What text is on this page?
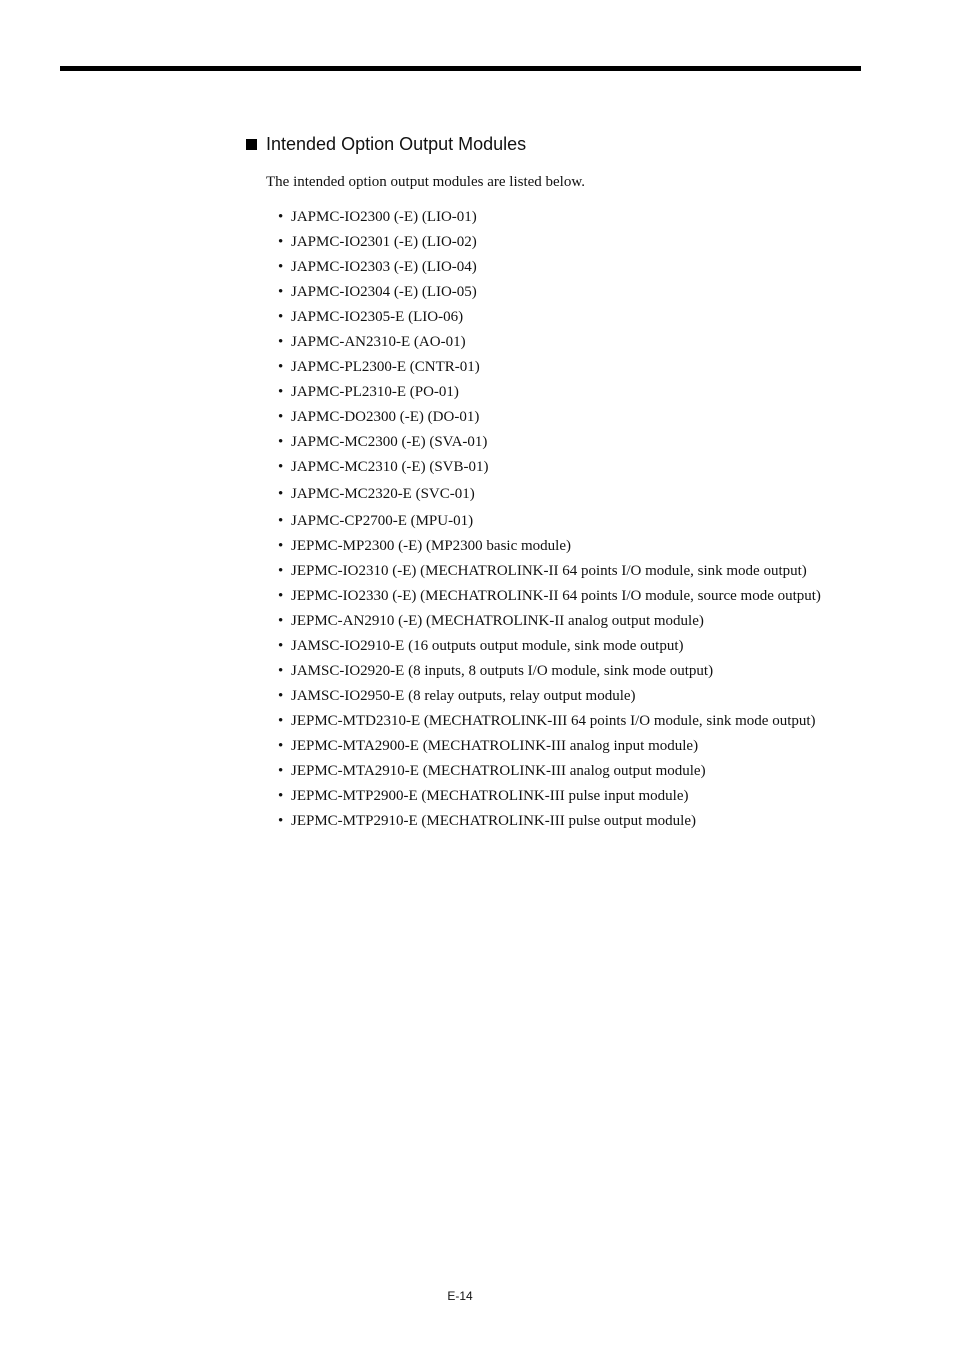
Intended Option Output Modules
The intended option output modules are listed below.
• JAPMC-IO2300 (-E) (LIO-01)
• JAPMC-IO2301 (-E) (LIO-02)
• JAPMC-IO2303 (-E) (LIO-04)
• JAPMC-IO2304 (-E) (LIO-05)
• JAPMC-IO2305-E (LIO-06)
• JAPMC-AN2310-E (AO-01)
• JAPMC-PL2300-E (CNTR-01)
• JAPMC-PL2310-E (PO-01)
• JAPMC-DO2300 (-E) (DO-01)
• JAPMC-MC2300 (-E) (SVA-01)
• JAPMC-MC2310 (-E) (SVB-01)
• JAPMC-MC2320-E (SVC-01)
• JAPMC-CP2700-E (MPU-01)
• JEPMC-MP2300 (-E) (MP2300 basic module)
• JEPMC-IO2310 (-E) (MECHATROLINK-II 64 points I/O module, sink mode output)
• JEPMC-IO2330 (-E) (MECHATROLINK-II 64 points I/O module, source mode output)
• JEPMC-AN2910 (-E) (MECHATROLINK-II analog output module)
• JAMSC-IO2910-E (16 outputs output module, sink mode output)
• JAMSC-IO2920-E (8 inputs, 8 outputs I/O module, sink mode output)
• JAMSC-IO2950-E (8 relay outputs, relay output module)
• JEPMC-MTD2310-E (MECHATROLINK-III 64 points I/O module, sink mode output)
• JEPMC-MTA2900-E (MECHATROLINK-III analog input module)
• JEPMC-MTA2910-E (MECHATROLINK-III analog output module)
• JEPMC-MTP2900-E (MECHATROLINK-III pulse input module)
• JEPMC-MTP2910-E (MECHATROLINK-III pulse output module)
E-14
